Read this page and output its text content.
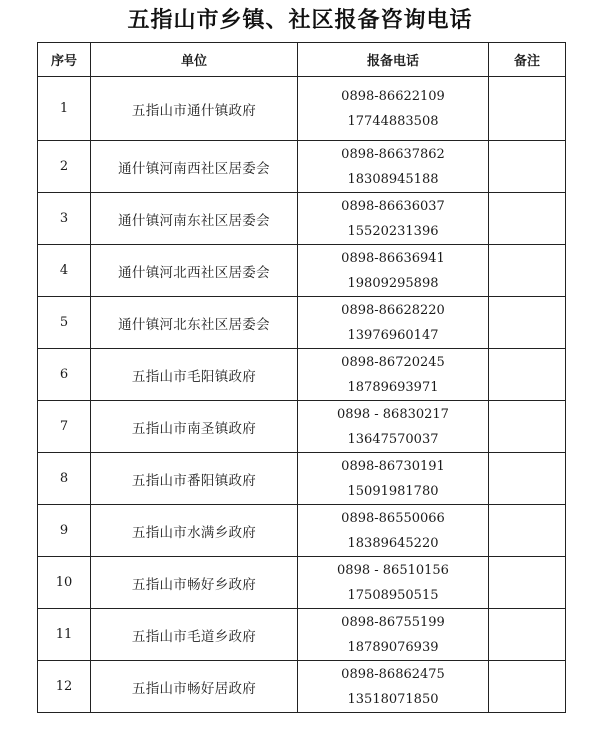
五指山市乡镇、社区报备咨询电话
序号	单位	报备电话	备注
1	五指山市通什镇政府	0898-86622109
17744883508	

2	通什镇河南西社区居委会	0898-86637862
18308945188	

3	通什镇河南东社区居委会	0898-86636037
15520231396	

4	通什镇河北西社区居委会	0898-86636941
19809295898	

5	通什镇河北东社区居委会	0898-86628220
13976960147	

6	五指山市毛阳镇政府	0898-86720245
18789693971	

7	五指山市南圣镇政府	0898 - 86830217
13647570037	

8	五指山市番阳镇政府	0898-86730191
15091981780	

9	五指山市水满乡政府	0898-86550066
18389645220	

10	五指山市畅好乡政府	0898 - 86510156
17508950515	

11	五指山市毛道乡政府	0898-86755199
18789076939	

12	五指山市畅好居政府	0898-86862475
13518071850	
